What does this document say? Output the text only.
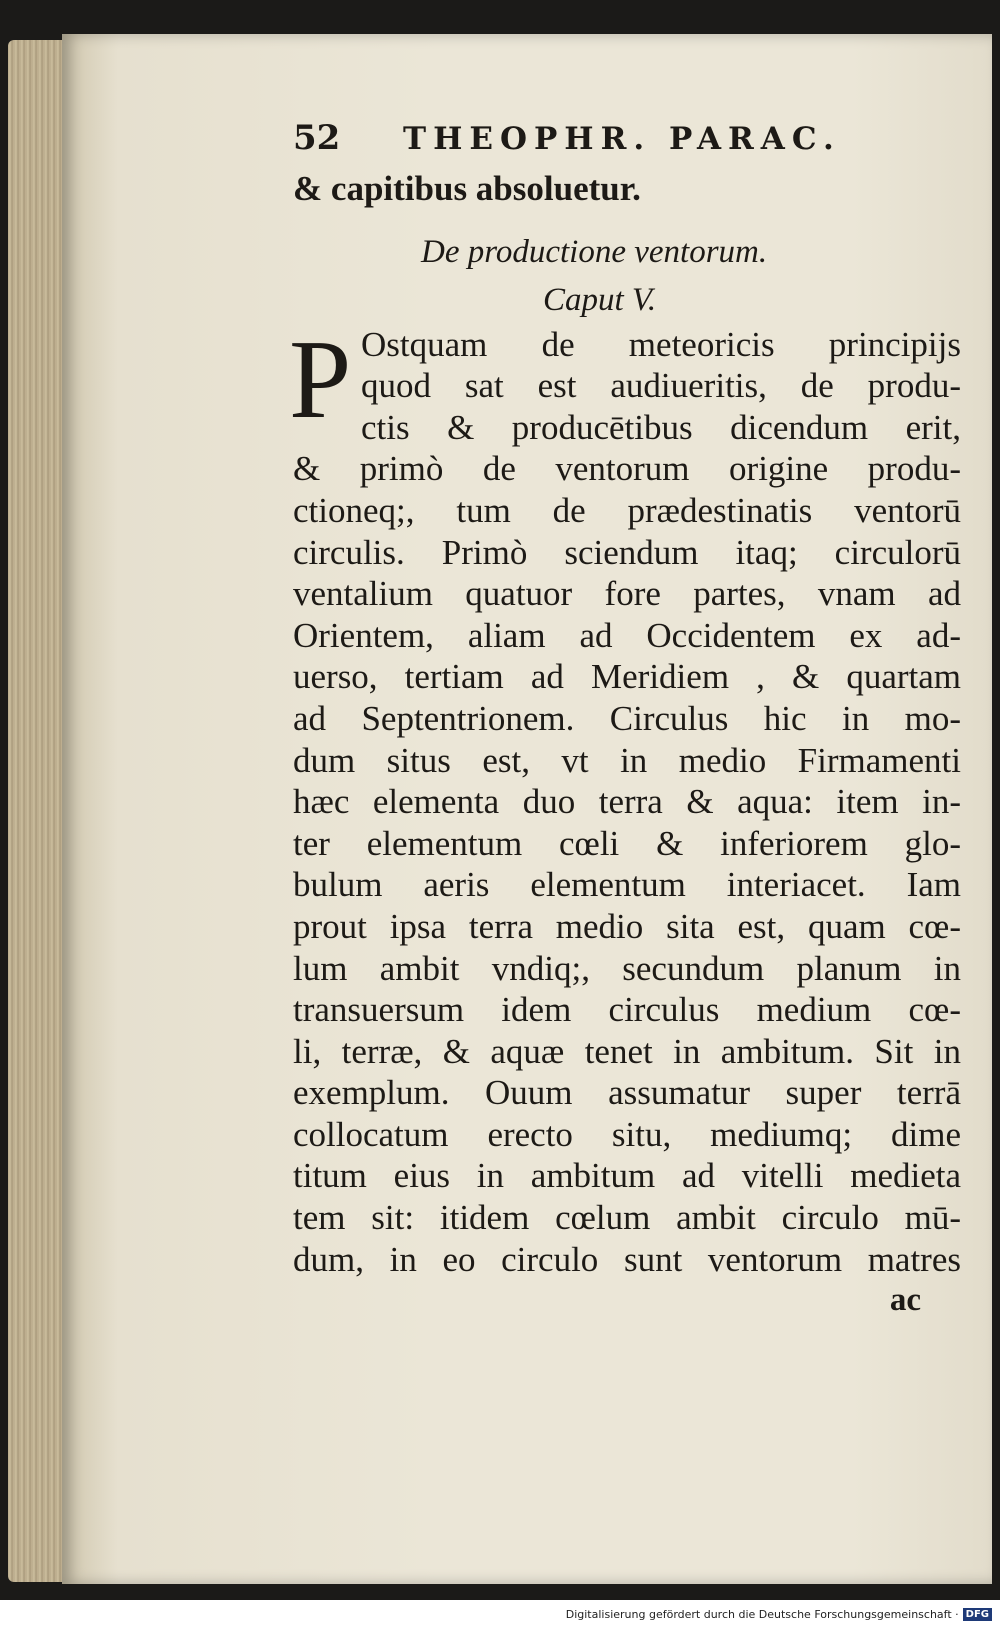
52	THEOPHR. PARAC.
& capitibus absoluetur.
De productione ventorum.
Caput V.
P Ostquam de meteoricis principijs
quod sat est audiueritis, de produ-
ctis & producētibus dicendum erit,
& primò de ventorum origine produ-
ctioneq;, tum de prædestinatis ventorū
circulis. Primò sciendum itaq; circulorū
ventalium quatuor fore partes, vnam ad
Orientem, aliam ad Occidentem ex ad-
uerso, tertiam ad Meridiem , & quartam
ad Septentrionem. Circulus hic in mo-
dum situs est, vt in medio Firmamenti
hæc elementa duo terra & aqua: item in-
ter elementum cœli & inferiorem glo-
bulum aeris elementum interiacet. Iam
prout ipsa terra medio sita est, quam cœ-
lum ambit vndiq;, secundum planum in
transuersum idem circulus medium cœ-
li, terræ, & aquæ tenet in ambitum. Sit in
exemplum. Ouum assumatur super terrā
collocatum erecto situ, mediumq; dime
titum eius in ambitum ad vitelli medieta
tem sit: itidem cœlum ambit circulo mū-
dum, in eo circulo sunt ventorum matres
ac
Digitalisierung gefördert durch die Deutsche Forschungsgemeinschaft · DFG
